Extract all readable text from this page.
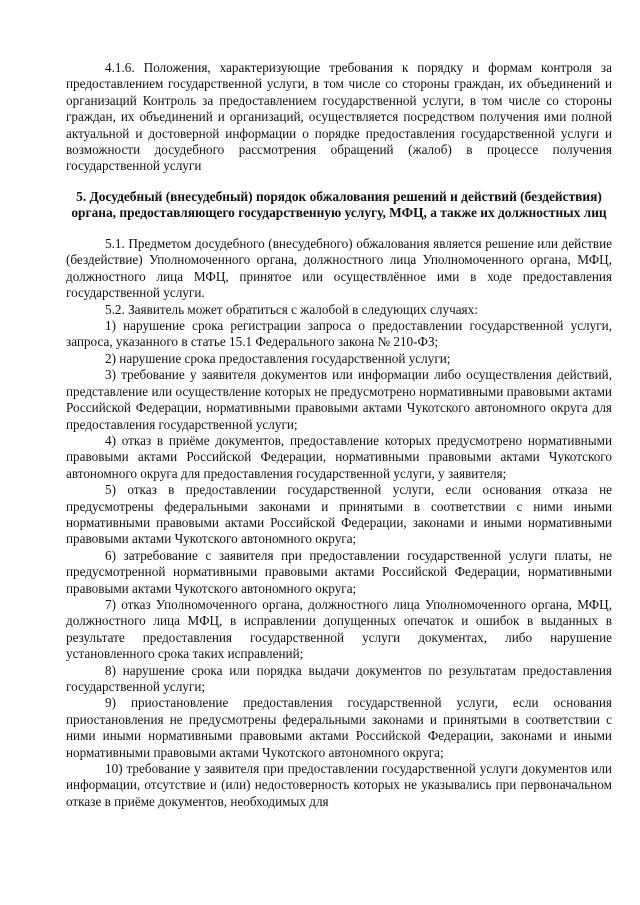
4.1.6. Положения, характеризующие требования к порядку и формам контроля за предоставлением государственной услуги, в том числе со стороны граждан, их объединений и организаций Контроль за предоставлением государственной услуги, в том числе со стороны граждан, их объединений и организаций, осуществляется посредством получения ими полной актуальной и достоверной информации о порядке предоставления государственной услуги и возможности досудебного рассмотрения обращений (жалоб) в процессе получения государственной услуги

5. Досудебный (внесудебный) порядок обжалования решений и действий (бездействия) органа, предоставляющего государственную услугу, МФЦ, а также их должностных лиц

5.1. Предметом досудебного (внесудебного) обжалования является решение или действие (бездействие) Уполномоченного органа, должностного лица Уполномоченного органа, МФЦ, должностного лица МФЦ, принятое или осуществлённое ими в ходе предоставления государственной услуги.

5.2. Заявитель может обратиться с жалобой в следующих случаях:

1) нарушение срока регистрации запроса о предоставлении государственной услуги, запроса, указанного в статье 15.1 Федерального закона № 210-ФЗ;

2) нарушение срока предоставления государственной услуги;

3) требование у заявителя документов или информации либо осуществления действий, представление или осуществление которых не предусмотрено нормативными правовыми актами Российской Федерации, нормативными правовыми актами Чукотского автономного округа для предоставления государственной услуги;

4) отказ в приёме документов, предоставление которых предусмотрено нормативными правовыми актами Российской Федерации, нормативными правовыми актами Чукотского автономного округа для предоставления государственной услуги, у заявителя;

5) отказ в предоставлении государственной услуги, если основания отказа не предусмотрены федеральными законами и принятыми в соответствии с ними иными нормативными правовыми актами Российской Федерации, законами и иными нормативными правовыми актами Чукотского автономного округа;

6) затребование с заявителя при предоставлении государственной услуги платы, не предусмотренной нормативными правовыми актами Российской Федерации, нормативными правовыми актами Чукотского автономного округа;

7) отказ Уполномоченного органа, должностного лица Уполномоченного органа, МФЦ, должностного лица МФЦ, в исправлении допущенных опечаток и ошибок в выданных в результате предоставления государственной услуги документах, либо нарушение установленного срока таких исправлений;

8) нарушение срока или порядка выдачи документов по результатам предоставления государственной услуги;

9) приостановление предоставления государственной услуги, если основания приостановления не предусмотрены федеральными законами и принятыми в соответствии с ними иными нормативными правовыми актами Российской Федерации, законами и иными нормативными правовыми актами Чукотского автономного округа;

10) требование у заявителя при предоставлении государственной услуги документов или информации, отсутствие и (или) недостоверность которых не указывались при первоначальном отказе в приёме документов, необходимых для
